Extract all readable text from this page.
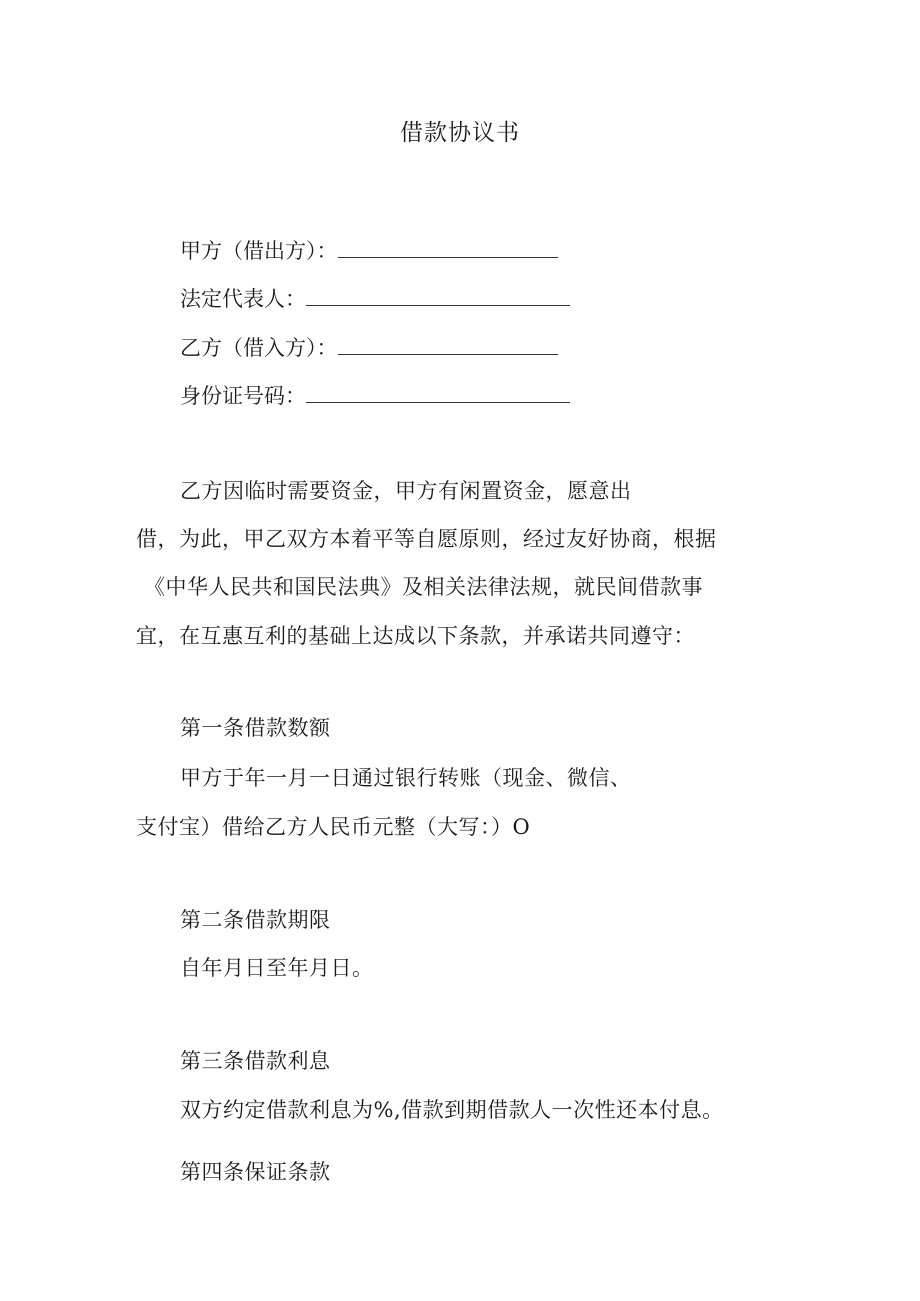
借款协议书
甲方（借出方）：
法定代表人：
乙方（借入方）：
身份证号码：
乙方因临时需要资金，甲方有闲置资金，愿意出
借，为此，甲乙双方本着平等自愿原则，经过友好协商，根据
《中华人民共和国民法典》及相关法律法规，就民间借款事
宜，在互惠互利的基础上达成以下条款，并承诺共同遵守：
第一条借款数额
甲方于年一月一日通过银行转账（现金、微信、
支付宝）借给乙方人民币元整（大写：）O
第二条借款期限
自年月日至年月日。
第三条借款利息
双方约定借款利息为%,借款到期借款人一次性还本付息。
第四条保证条款
